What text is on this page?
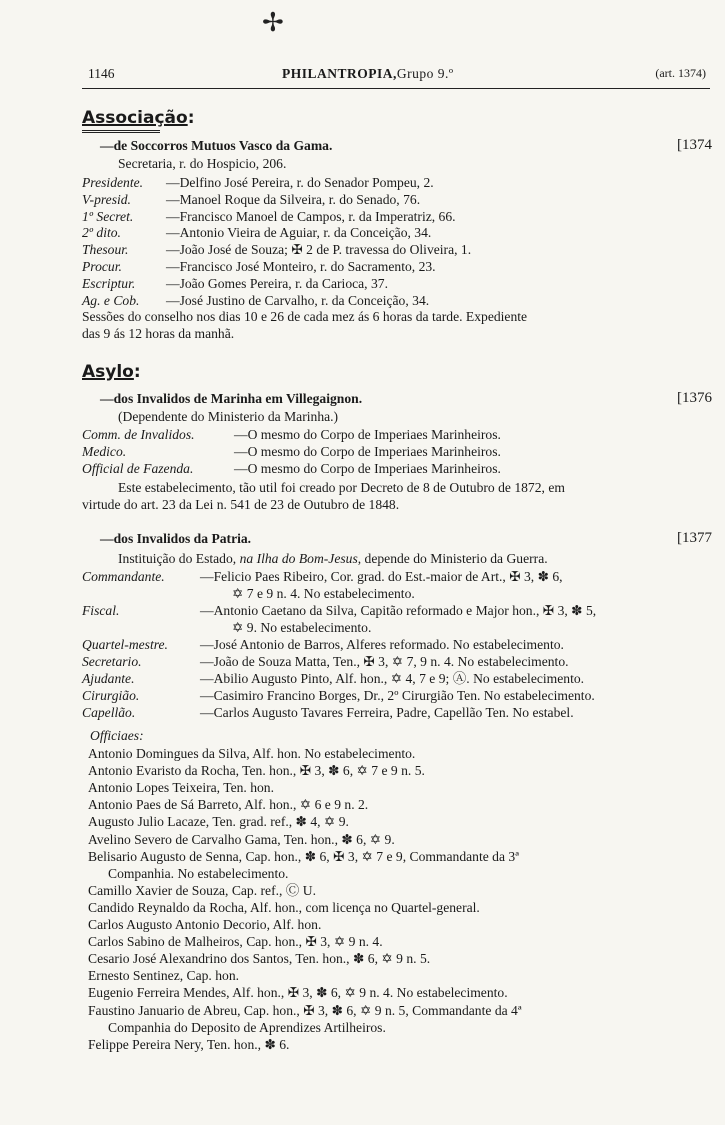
✢
1146	PHILANTROPIA,Grupo 9.º	(art. 1374)
Associação:
—de Soccorros Mutuos Vasco da Gama.	[1374
Secretaria, r. do Hospicio, 206.
Presidente. —Delfino José Pereira, r. do Senador Pompeu, 2.
V-presid.	—Manoel Roque da Silveira, r. do Senado, 76.
1º Secret. —Francisco Manoel de Campos, r. da Imperatriz, 66.
2º dito.	—Antonio Vieira de Aguiar, r. da Conceição, 34.
Thesour.	—João José de Souza; ✠ 2 de P. travessa do Oliveira, 1.
Procur.	—Francisco José Monteiro, r. do Sacramento, 23.
Escriptur. —João Gomes Pereira, r. da Carioca, 37.
Ag. e Cob. —José Justino de Carvalho, r. da Conceição, 34.
Sessões do conselho nos dias 10 e 26 de cada mez ás 6 horas da tarde. Expediente
das 9 ás 12 horas da manhã.
Asylo:
—dos Invalidos de Marinha em Villegaignon.	[1376
(Dependente do Ministerio da Marinha.)
Comm. de Invalidos.	—O mesmo do Corpo de Imperiaes Marinheiros.
Medico.	—O mesmo do Corpo de Imperiaes Marinheiros.
Official de Fazenda.	—O mesmo do Corpo de Imperiaes Marinheiros.
Este estabelecimento, tão util foi creado por Decreto de 8 de Outubro de 1872, em
virtude do art. 23 da Lei n. 541 de 23 de Outubro de 1848.
—dos Invalidos da Patria.	[1377
Instituição do Estado, na Ilha do Bom-Jesus, depende do Ministerio da Guerra.
Commandante.	—Felicio Paes Ribeiro, Cor. grad. do Est.-maior de Art., ✠ 3, ✽ 6,
✡ 7 e 9 n. 4. No estabelecimento.
Fiscal.	—Antonio Caetano da Silva, Capitão reformado e Major hon., ✠ 3, ✽ 5,
✡ 9. No estabelecimento.
Quartel-mestre. —José Antonio de Barros, Alferes reformado. No estabelecimento.
Secretario.	—João de Souza Matta, Ten., ✠ 3, ✡ 7, 9 n. 4. No estabelecimento.
Ajudante.	—Abilio Augusto Pinto, Alf. hon., ✡ 4, 7 e 9; Ⓐ. No estabelecimento.
Cirurgião.	—Casimiro Francino Borges, Dr., 2º Cirurgião Ten. No estabelecimento.
Capellão.	—Carlos Augusto Tavares Ferreira, Padre, Capellão Ten. No estabel.
Officiaes:
Antonio Domingues da Silva, Alf. hon. No estabelecimento.
Antonio Evaristo da Rocha, Ten. hon., ✠ 3, ✽ 6, ✡ 7 e 9 n. 5.
Antonio Lopes Teixeira, Ten. hon.
Antonio Paes de Sá Barreto, Alf. hon., ✡ 6 e 9 n. 2.
Augusto Julio Lacaze, Ten. grad. ref., ✽ 4, ✡ 9.
Avelino Severo de Carvalho Gama, Ten. hon., ✽ 6, ✡ 9.
Belisario Augusto de Senna, Cap. hon., ✽ 6, ✠ 3, ✡ 7 e 9, Commandante da 3ª
Companhia. No estabelecimento.
Camillo Xavier de Souza, Cap. ref., Ⓒ U.
Candido Reynaldo da Rocha, Alf. hon., com licença no Quartel-general.
Carlos Augusto Antonio Decorio, Alf. hon.
Carlos Sabino de Malheiros, Cap. hon., ✠ 3, ✡ 9 n. 4.
Cesario José Alexandrino dos Santos, Ten. hon., ✽ 6, ✡ 9 n. 5.
Ernesto Sentinez, Cap. hon.
Eugenio Ferreira Mendes, Alf. hon., ✠ 3, ✽ 6, ✡ 9 n. 4. No estabelecimento.
Faustino Januario de Abreu, Cap. hon., ✠ 3, ✽ 6, ✡ 9 n. 5, Commandante da 4ª
Companhia do Deposito de Aprendizes Artilheiros.
Felippe Pereira Nery, Ten. hon., ✽ 6.
